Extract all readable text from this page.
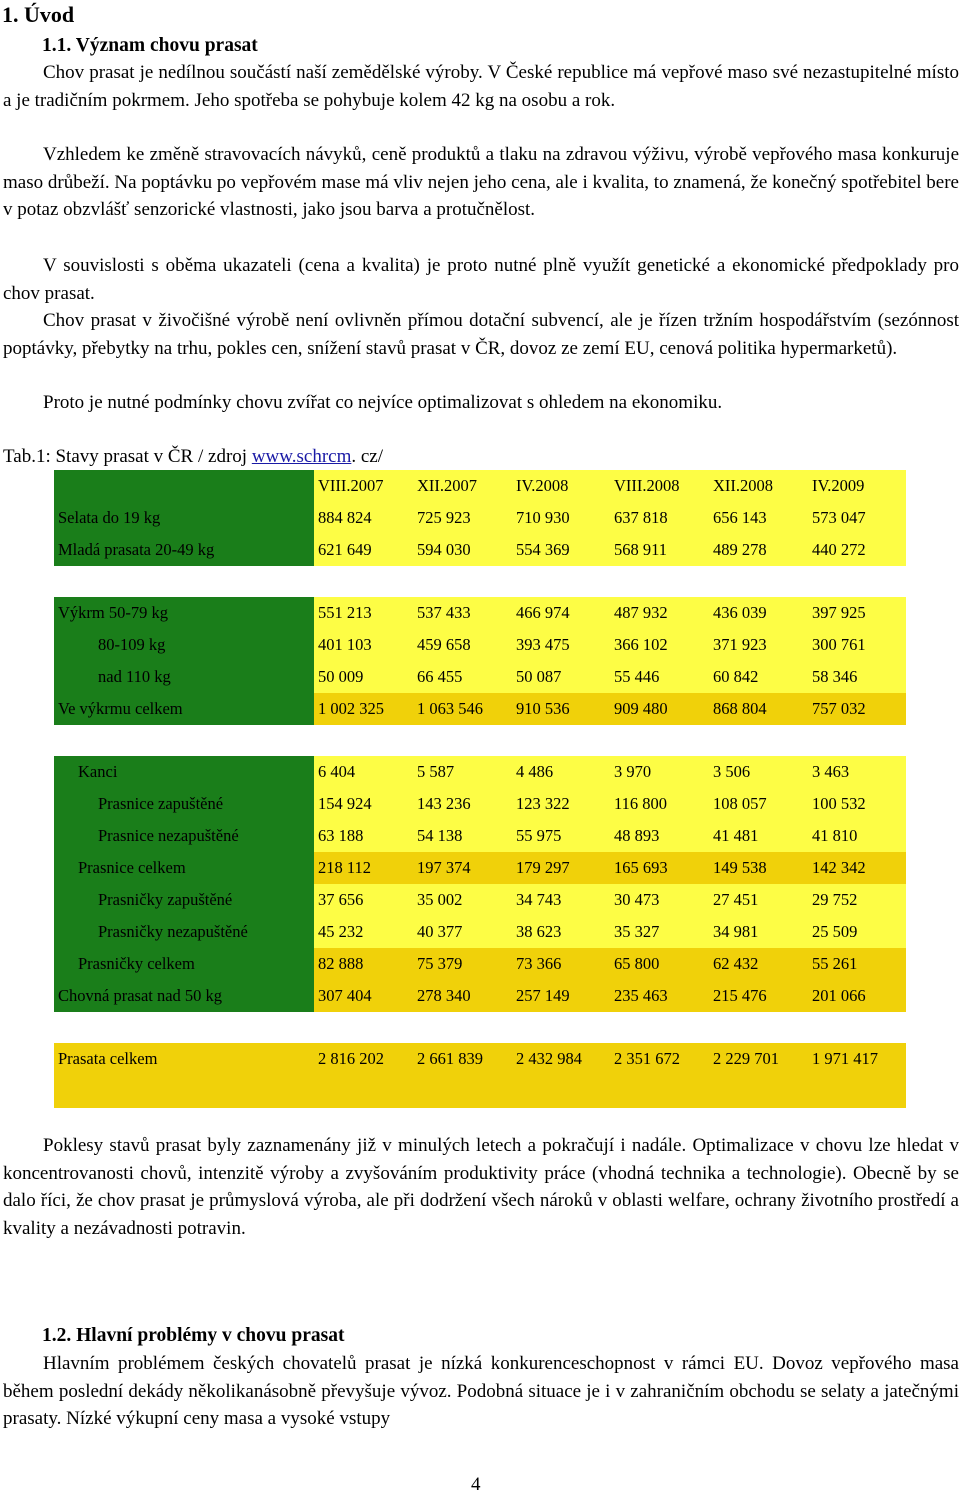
1. Úvod
1.1. Význam chovu prasat

Chov prasat je nedílnou součástí naší zemědělské výroby. V České republice má vepřové maso své nezastupitelné místo a je tradičním pokrmem. Jeho spotřeba se pohybuje kolem 42 kg na osobu a rok.

Vzhledem ke změně stravovacích návyků, ceně produktů a tlaku na zdravou výživu, výrobě vepřového masa konkuruje maso drůbeží. Na poptávku po vepřovém mase má vliv nejen jeho cena, ale i kvalita, to znamená, že konečný spotřebitel bere v potaz obzvlášť senzorické vlastnosti, jako jsou barva a protučnělost.

V souvislosti s oběma ukazateli (cena a kvalita) je proto nutné plně využít genetické a ekonomické předpoklady pro chov prasat.

Chov prasat v živočišné výrobě není ovlivněn přímou dotační subvencí, ale je řízen tržním hospodářstvím (sezónnost poptávky, přebytky na trhu, pokles cen, snížení stavů prasat v ČR, dovoz ze zemí EU, cenová politika hypermarketů).

Proto je nutné podmínky chovu zvířat co nejvíce optimalizovat s ohledem na ekonomiku.

Tab.1: Stavy prasat v ČR / zdroj www.schrcm. cz/
VIII.2007	XII.2007	IV.2008	VIII.2008	XII.2008	IV.2009
Selata do 19 kg	884 824	725 923	710 930	637 818	656 143	573 047
Mladá prasata 20-49 kg	621 649	594 030	554 369	568 911	489 278	440 272
Výkrm 50-79 kg	551 213	537 433	466 974	487 932	436 039	397 925
80-109 kg	401 103	459 658	393 475	366 102	371 923	300 761
nad 110 kg	50 009	66 455	50 087	55 446	60 842	58 346
Ve výkrmu celkem	1 002 325	1 063 546	910 536	909 480	868 804	757 032
Kanci	6 404	5 587	4 486	3 970	3 506	3 463
Prasnice zapuštěné	154 924	143 236	123 322	116 800	108 057	100 532
Prasnice nezapuštěné	63 188	54 138	55 975	48 893	41 481	41 810
Prasnice celkem	218 112	197 374	179 297	165 693	149 538	142 342
Prasničky zapuštěné	37 656	35 002	34 743	30 473	27 451	29 752
Prasničky nezapuštěné	45 232	40 377	38 623	35 327	34 981	25 509
Prasničky celkem	82 888	75 379	73 366	65 800	62 432	55 261
Chovná prasat nad 50 kg	307 404	278 340	257 149	235 463	215 476	201 066
Prasata celkem	2 816 202	2 661 839	2 432 984	2 351 672	2 229 701	1 971 417

Poklesy stavů prasat byly zaznamenány již v minulých letech a pokračují i nadále. Optimalizace v chovu lze hledat v koncentrovanosti chovů, intenzitě výroby a zvyšováním produktivity práce (vhodná technika a technologie). Obecně by se dalo říci, že chov prasat je průmyslová výroba, ale při dodržení všech nároků v oblasti welfare, ochrany životního prostředí a kvality a nezávadnosti potravin.

1.2. Hlavní problémy v chovu prasat

Hlavním problémem českých chovatelů prasat je nízká konkurenceschopnost v rámci EU. Dovoz vepřového masa během poslední dekády několikanásobně převyšuje vývoz. Podobná situace je i v zahraničním obchodu se selaty a jatečnými prasaty. Nízké výkupní ceny masa a vysoké vstupy

4
